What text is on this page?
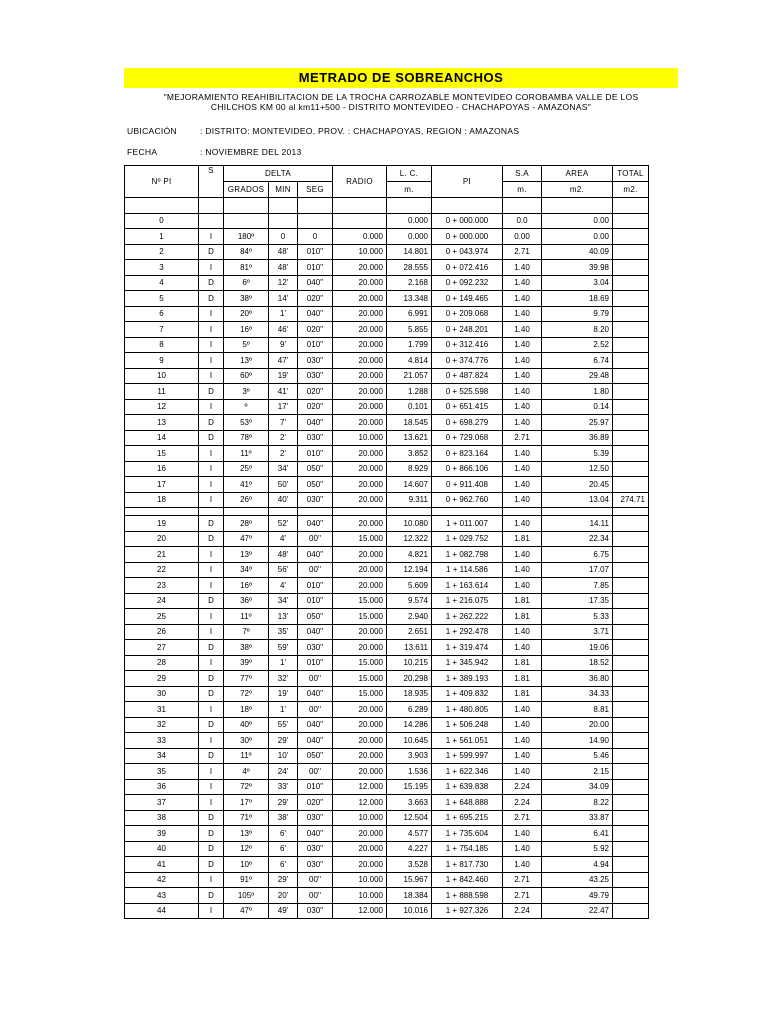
METRADO DE SOBREANCHOS
"MEJORAMIENTO REAHIBILITACION DE LA TROCHA CARROZABLE MONTEVIDEO COROBAMBA VALLE DE LOS
CHILCHOS KM 00 al km11+500 - DISTRITO MONTEVIDEO - CHACHAPOYAS - AMAZONAS"
UBICACIÓN	: DISTRITO: MONTEVIDEO, PROV. : CHACHAPOYAS, REGION : AMAZONAS
FECHA	: NOVIEMBRE DEL 2013
Nº PI	S	DELTA			RADIO	L. C.	PI	S.A	AREA	TOTAL
		GRADOS	MIN	SEG		m.		m.	m2.	m2.

0						0.000	0 + 000.000	0.0	0.00	
1	I	180º	0	0	0.000	0.000	0 + 000.000	0.00	0.00	
2	D	84º	48'	010''	10.000	14.801	0 + 043.974	2.71	40.09	
3	I	81º	48'	010''	20.000	28.555	0 + 072.416	1.40	39.98	
4	D	6º	12'	040''	20.000	2.168	0 + 092.232	1.40	3.04	
5	D	38º	14'	020''	20.000	13.348	0 + 149.465	1.40	18.69	
6	I	20º	1'	040''	20.000	6.991	0 + 209.068	1.40	9.79	
7	I	16º	46'	020''	20.000	5.855	0 + 248.201	1.40	8.20	
8	I	5º	9'	010''	20.000	1.799	0 + 312.416	1.40	2.52	
9	I	13º	47'	030''	20.000	4.814	0 + 374.776	1.40	6.74	
10	I	60º	19'	030''	20.000	21.057	0 + 487.824	1.40	29.48	
11	D	3º	41'	020''	20.000	1.288	0 + 525.598	1.40	1.80	
12	I	º	17'	020''	20.000	0.101	0 + 651.415	1.40	0.14	
13	D	53º	7'	040''	20.000	18.545	0 + 698.279	1.40	25.97	
14	D	78º	2'	030''	10.000	13.621	0 + 729.068	2.71	36.89	
15	I	11º	2'	010''	20.000	3.852	0 + 823.164	1.40	5.39	
16	I	25º	34'	050''	20.000	8.929	0 + 866.106	1.40	12.50	
17	I	41º	50'	050''	20.000	14.607	0 + 911.408	1.40	20.45	
18	I	26º	40'	030''	20.000	9.311	0 + 962.760	1.40	13.04	274.71

19	D	28º	52'	040''	20.000	10.080	1 + 011.007	1.40	14.11	
20	D	47º	4'	00''	15.000	12.322	1 + 029.752	1.81	22.34	
21	I	13º	48'	040''	20.000	4.821	1 + 082.798	1.40	6.75	
22	I	34º	56'	00''	20.000	12.194	1 + 114.586	1.40	17.07	
23	I	16º	4'	010''	20.000	5.609	1 + 163.614	1.40	7.85	
24	D	36º	34'	010''	15.000	9.574	1 + 216.075	1.81	17.35	
25	I	11º	13'	050''	15.000	2.940	1 + 262.222	1.81	5.33	
26	I	7º	35'	040''	20.000	2.651	1 + 292.478	1.40	3.71	
27	D	38º	59'	030''	20.000	13.611	1 + 319.474	1.40	19.06	
28	I	39º	1'	010''	15.000	10.215	1 + 345.942	1.81	18.52	
29	D	77º	32'	00''	15.000	20.298	1 + 389.193	1.81	36.80	
30	D	72º	19'	040''	15.000	18.935	1 + 409.832	1.81	34.33	
31	I	18º	1'	00''	20.000	6.289	1 + 480.805	1.40	8.81	
32	D	40º	55'	040''	20.000	14.286	1 + 506.248	1.40	20.00	
33	I	30º	29'	040''	20.000	10.645	1 + 561.051	1.40	14.90	
34	D	11º	10'	050''	20.000	3.903	1 + 599.997	1.40	5.46	
35	I	4º	24'	00''	20.000	1.536	1 + 622.346	1.40	2.15	
36	I	72º	33'	010''	12.000	15.195	1 + 639.838	2.24	34.09	
37	I	17º	29'	020''	12.000	3.663	1 + 648.888	2.24	8.22	
38	D	71º	38'	030''	10.000	12.504	1 + 695.215	2.71	33.87	
39	D	13º	6'	040''	20.000	4.577	1 + 735.604	1.40	6.41	
40	D	12º	6'	030''	20.000	4.227	1 + 754.185	1.40	5.92	
41	D	10º	6'	030''	20.000	3.528	1 + 817.730	1.40	4.94	
42	I	91º	29'	00''	10.000	15.967	1 + 842.460	2.71	43.25	
43	D	105º	20'	00''	10.000	18.384	1 + 888.598	2.71	49.79	
44	I	47º	49'	030''	12.000	10.016	1 + 927.326	2.24	22.47	
